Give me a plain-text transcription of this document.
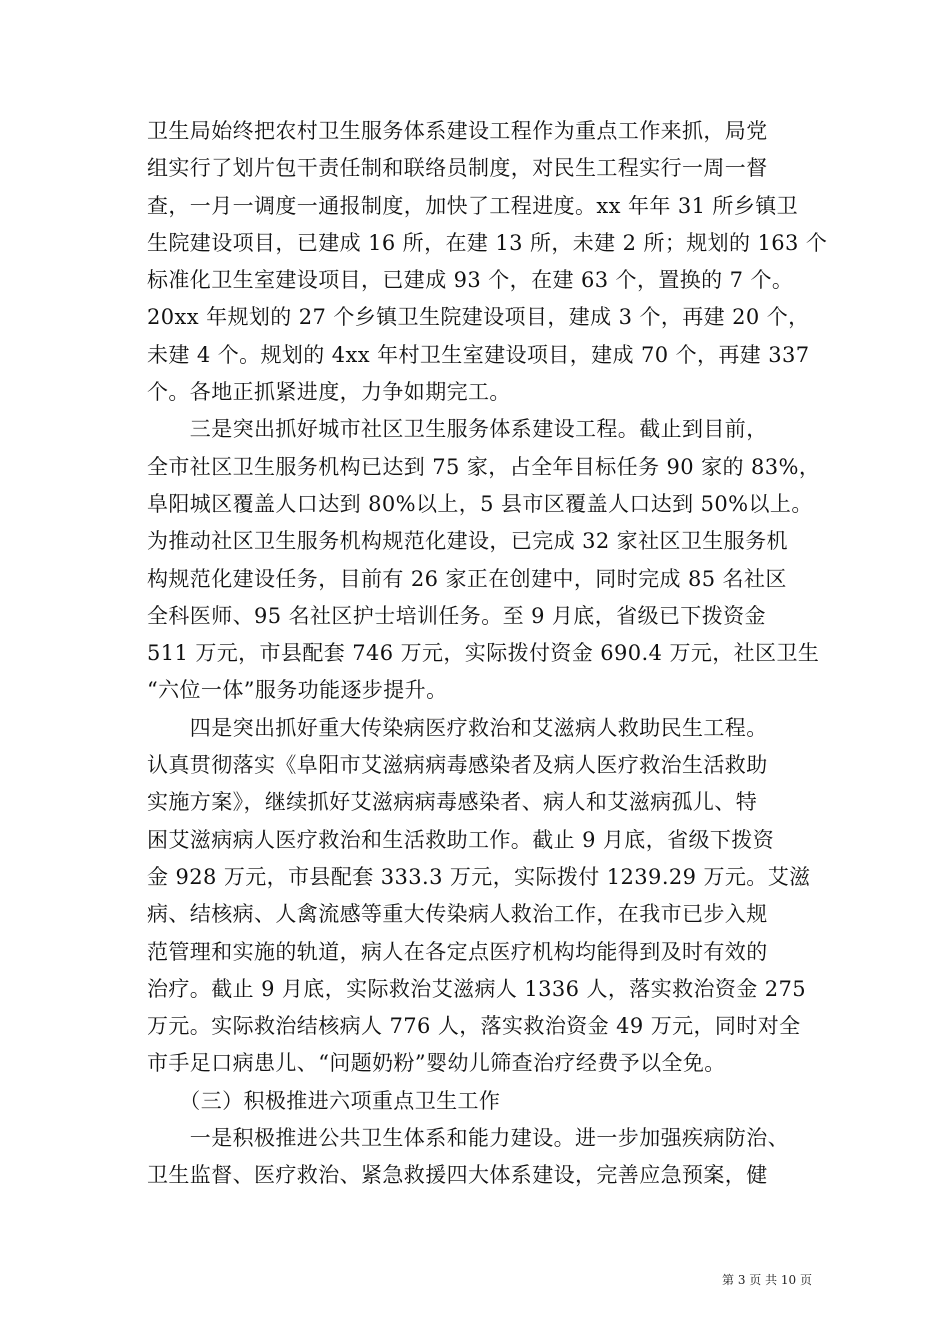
卫生局始终把农村卫生服务体系建设工程作为重点工作来抓，局党
组实行了划片包干责任制和联络员制度，对民生工程实行一周一督
查，一月一调度一通报制度，加快了工程进度。xx 年年 31 所乡镇卫
生院建设项目，已建成 16 所，在建 13 所，未建 2 所；规划的 163 个
标准化卫生室建设项目，已建成 93 个，在建 63 个，置换的 7 个。
20xx 年规划的 27 个乡镇卫生院建设项目，建成 3 个，再建 20 个，
未建 4 个。规划的 4xx 年村卫生室建设项目，建成 70 个，再建 337
个。各地正抓紧进度，力争如期完工。
　　三是突出抓好城市社区卫生服务体系建设工程。截止到目前，
全市社区卫生服务机构已达到 75 家，占全年目标任务 90 家的 83%，
阜阳城区覆盖人口达到 80%以上，5 县市区覆盖人口达到 50%以上。
为推动社区卫生服务机构规范化建设，已完成 32 家社区卫生服务机
构规范化建设任务，目前有 26 家正在创建中，同时完成 85 名社区
全科医师、95 名社区护士培训任务。至 9 月底，省级已下拨资金
511 万元，市县配套 746 万元，实际拨付资金 690.4 万元，社区卫生
“六位一体”服务功能逐步提升。
　　四是突出抓好重大传染病医疗救治和艾滋病人救助民生工程。
认真贯彻落实《阜阳市艾滋病病毒感染者及病人医疗救治生活救助
实施方案》，继续抓好艾滋病病毒感染者、病人和艾滋病孤儿、特
困艾滋病病人医疗救治和生活救助工作。截止 9 月底，省级下拨资
金 928 万元，市县配套 333.3 万元，实际拨付 1239.29 万元。艾滋
病、结核病、人禽流感等重大传染病人救治工作，在我市已步入规
范管理和实施的轨道，病人在各定点医疗机构均能得到及时有效的
治疗。截止 9 月底，实际救治艾滋病人 1336 人，落实救治资金 275
万元。实际救治结核病人 776 人，落实救治资金 49 万元，同时对全
市手足口病患儿、“问题奶粉”婴幼儿筛查治疗经费予以全免。
　　（三）积极推进六项重点卫生工作
　　一是积极推进公共卫生体系和能力建设。进一步加强疾病防治、
卫生监督、医疗救治、紧急救援四大体系建设，完善应急预案，健
第 3 页 共 10 页
